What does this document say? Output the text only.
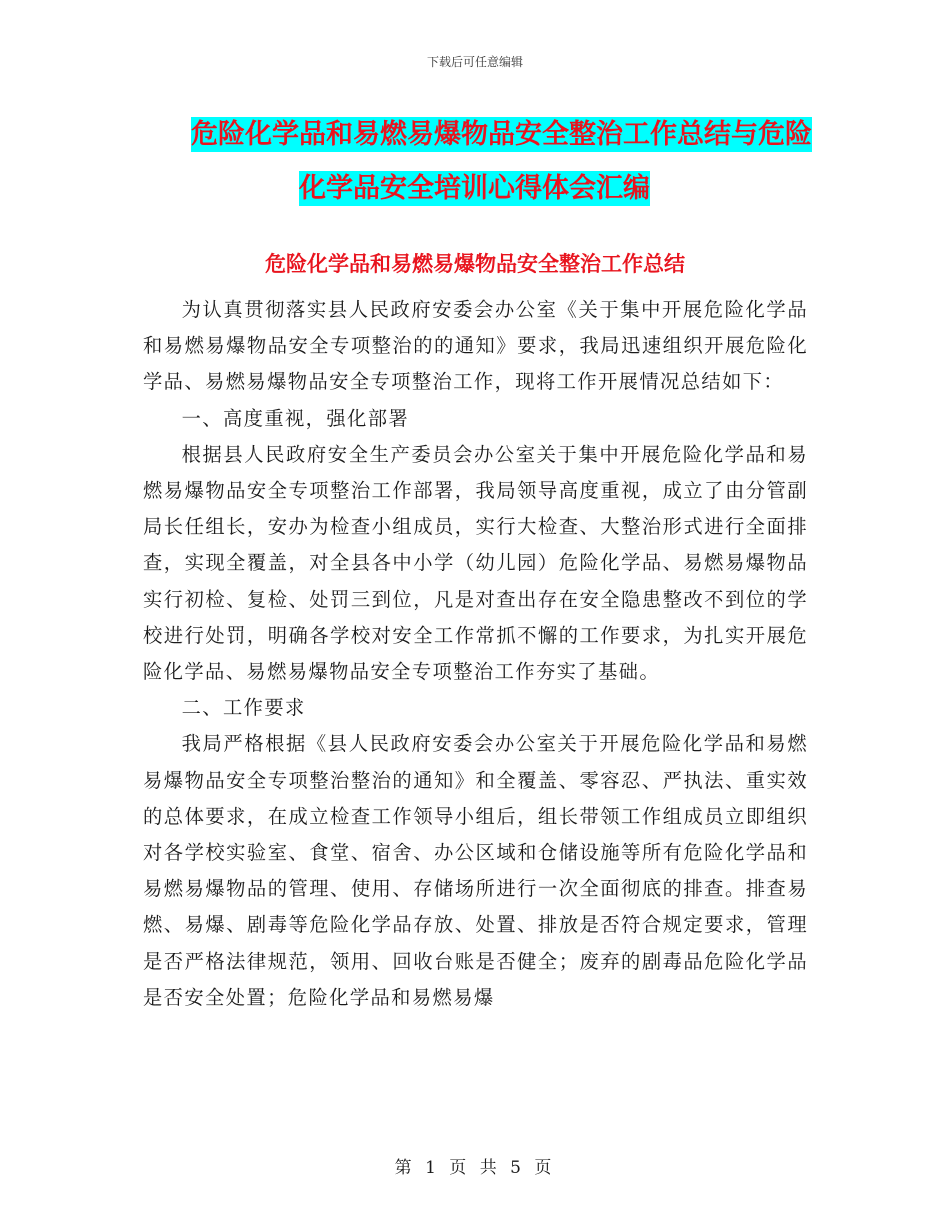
下载后可任意编辑
危险化学品和易燃易爆物品安全整治工作总结与危险
化学品安全培训心得体会汇编
危险化学品和易燃易爆物品安全整治工作总结

为认真贯彻落实县人民政府安委会办公室《关于集中开展危险化学品和易燃易爆物品安全专项整治的的通知》要求，我局迅速组织开展危险化学品、易燃易爆物品安全专项整治工作，现将工作开展情况总结如下：

一、高度重视，强化部署

根据县人民政府安全生产委员会办公室关于集中开展危险化学品和易燃易爆物品安全专项整治工作部署，我局领导高度重视，成立了由分管副局长任组长，安办为检查小组成员，实行大检查、大整治形式进行全面排查，实现全覆盖，对全县各中小学（幼儿园）危险化学品、易燃易爆物品实行初检、复检、处罚三到位，凡是对查出存在安全隐患整改不到位的学校进行处罚，明确各学校对安全工作常抓不懈的工作要求，为扎实开展危险化学品、易燃易爆物品安全专项整治工作夯实了基础。

二、工作要求

我局严格根据《县人民政府安委会办公室关于开展危险化学品和易燃易爆物品安全专项整治整治的通知》和全覆盖、零容忍、严执法、重实效的总体要求，在成立检查工作领导小组后，组长带领工作组成员立即组织对各学校实验室、食堂、宿舍、办公区域和仓储设施等所有危险化学品和易燃易爆物品的管理、使用、存储场所进行一次全面彻底的排查。排查易燃、易爆、剧毒等危险化学品存放、处置、排放是否符合规定要求，管理是否严格法律规范，领用、回收台账是否健全；废弃的剧毒品危险化学品是否安全处置；危险化学品和易燃易爆

第 1 页 共 5 页
